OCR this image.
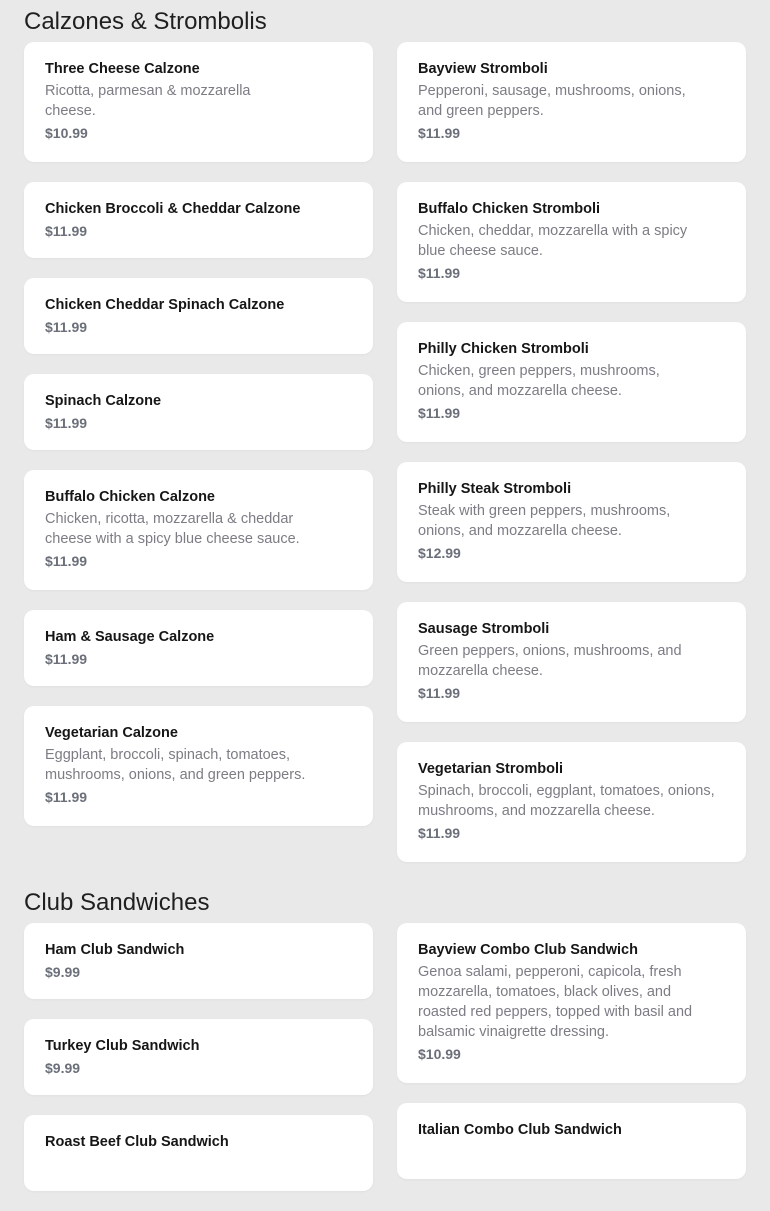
Calzones & Strombolis
Three Cheese Calzone
Ricotta, parmesan & mozzarella cheese.
$10.99
Chicken Broccoli & Cheddar Calzone
$11.99
Chicken Cheddar Spinach Calzone
$11.99
Spinach Calzone
$11.99
Buffalo Chicken Calzone
Chicken, ricotta, mozzarella & cheddar cheese with a spicy blue cheese sauce.
$11.99
Ham & Sausage Calzone
$11.99
Vegetarian Calzone
Eggplant, broccoli, spinach, tomatoes, mushrooms, onions, and green peppers.
$11.99
Bayview Stromboli
Pepperoni, sausage, mushrooms, onions, and green peppers.
$11.99
Buffalo Chicken Stromboli
Chicken, cheddar, mozzarella with a spicy blue cheese sauce.
$11.99
Philly Chicken Stromboli
Chicken, green peppers, mushrooms, onions, and mozzarella cheese.
$11.99
Philly Steak Stromboli
Steak with green peppers, mushrooms, onions, and mozzarella cheese.
$12.99
Sausage Stromboli
Green peppers, onions, mushrooms, and mozzarella cheese.
$11.99
Vegetarian Stromboli
Spinach, broccoli, eggplant, tomatoes, onions, mushrooms, and mozzarella cheese.
$11.99
Club Sandwiches
Ham Club Sandwich
$9.99
Turkey Club Sandwich
$9.99
Roast Beef Club Sandwich
Bayview Combo Club Sandwich
Genoa salami, pepperoni, capicola, fresh mozzarella, tomatoes, black olives, and roasted red peppers, topped with basil and balsamic vinaigrette dressing.
$10.99
Italian Combo Club Sandwich
